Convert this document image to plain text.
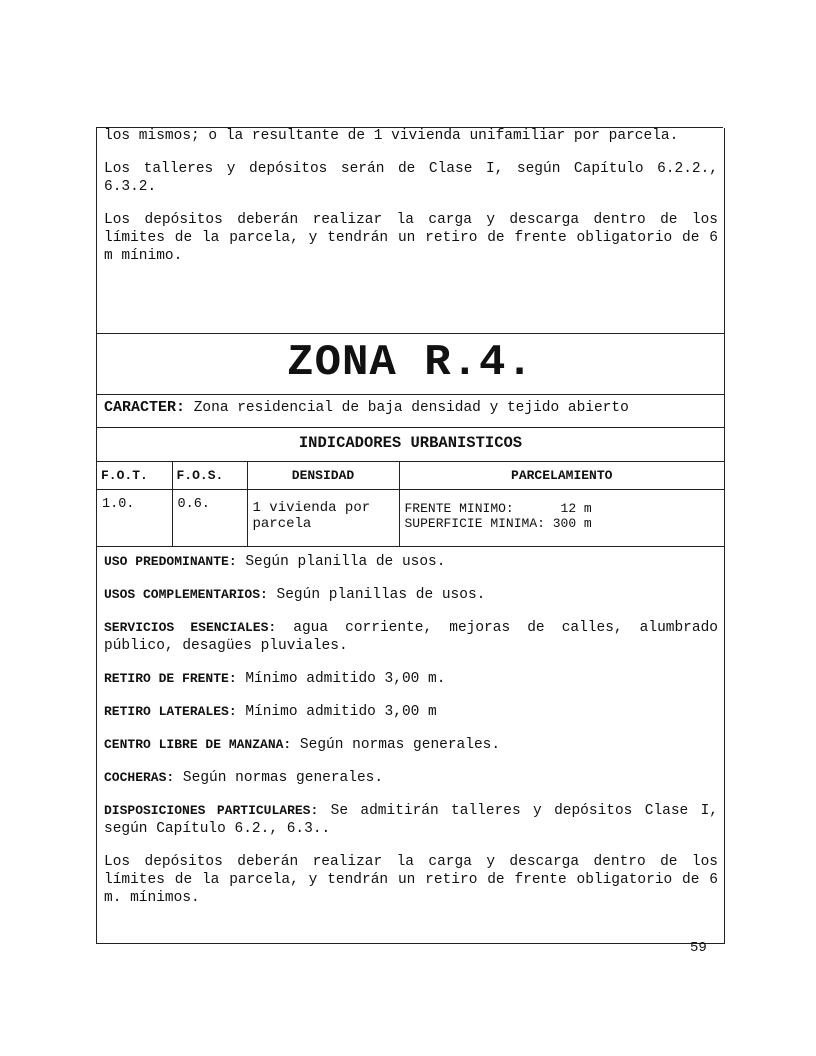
los mismos; o la resultante de 1 vivienda unifamiliar por parcela.

Los talleres y depósitos serán de Clase I, según Capítulo 6.2.2., 6.3.2.

Los depósitos deberán realizar la carga y descarga dentro de los límites de la parcela, y tendrán un retiro de frente obligatorio de 6 m mínimo.

ZONA R.4.
CARACTER: Zona residencial de baja densidad y tejido abierto
INDICADORES URBANISTICOS
F.O.T.	F.O.S.	DENSIDAD	PARCELAMIENTO
1.0.	0.6.	1 vivienda por parcela	FRENTE MINIMO:      12 m
SUPERFICIE MINIMA: 300 m

USO PREDOMINANTE: Según planilla de usos.

USOS COMPLEMENTARIOS: Según planillas de usos.

SERVICIOS ESENCIALES: agua corriente, mejoras de calles, alumbrado público, desagües pluviales.

RETIRO DE FRENTE: Mínimo admitido 3,00 m.

RETIRO LATERALES: Mínimo admitido 3,00 m

CENTRO LIBRE DE MANZANA: Según normas generales.

COCHERAS: Según normas generales.

DISPOSICIONES PARTICULARES: Se admitirán talleres y depósitos Clase I, según Capítulo 6.2., 6.3..

Los depósitos deberán realizar la carga y descarga dentro de los límites de la parcela, y tendrán un retiro de frente obligatorio de 6 m. mínimos.

59
